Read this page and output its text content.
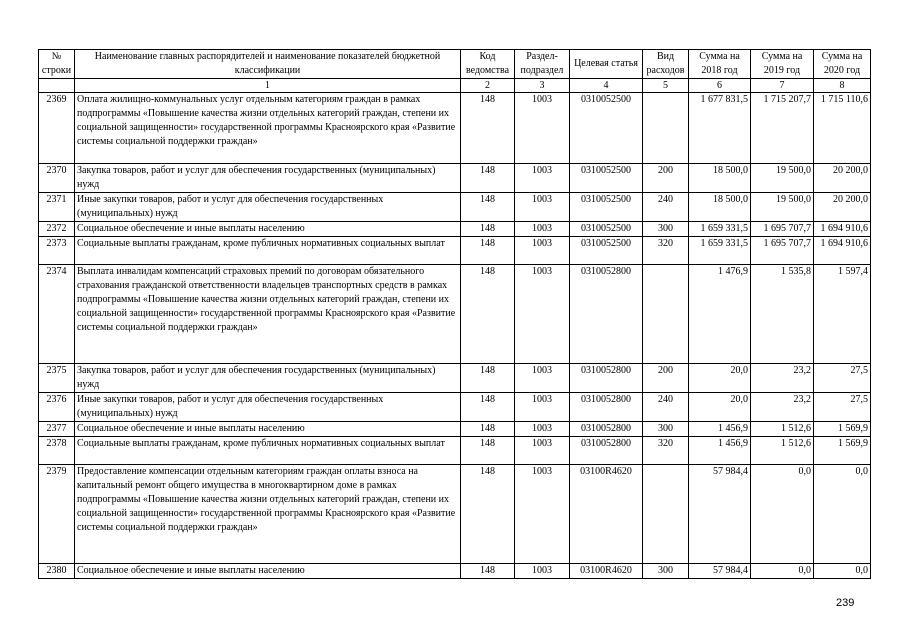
№ строки	Наименование главных распорядителей и наименование показателей бюджетной классификации	Код ведомства	Раздел-подраздел	Целевая статья	Вид расходов	Сумма на 2018 год	Сумма на 2019 год	Сумма на 2020 год
	1	2	3	4	5	6	7	8
2369	Оплата жилищно-коммунальных услуг отдельным категориям граждан в рамках подпрограммы «Повышение качества жизни отдельных категорий граждан, степени их социальной защищенности» государственной программы Красноярского края «Развитие системы социальной поддержки граждан»	148	1003	0310052500		1 677 831,5	1 715 207,7	1 715 110,6
2370	Закупка товаров, работ и услуг для обеспечения государственных (муниципальных) нужд	148	1003	0310052500	200	18 500,0	19 500,0	20 200,0
2371	Иные закупки товаров, работ и услуг для обеспечения государственных (муниципальных) нужд	148	1003	0310052500	240	18 500,0	19 500,0	20 200,0
2372	Социальное обеспечение и иные выплаты населению	148	1003	0310052500	300	1 659 331,5	1 695 707,7	1 694 910,6
2373	Социальные выплаты гражданам, кроме публичных нормативных социальных выплат	148	1003	0310052500	320	1 659 331,5	1 695 707,7	1 694 910,6
2374	Выплата инвалидам компенсаций страховых премий по договорам обязательного страхования гражданской ответственности владельцев транспортных средств в рамках подпрограммы «Повышение качества жизни отдельных категорий граждан, степени их социальной защищенности» государственной программы Красноярского края «Развитие системы социальной поддержки граждан»	148	1003	0310052800		1 476,9	1 535,8	1 597,4
2375	Закупка товаров, работ и услуг для обеспечения государственных (муниципальных) нужд	148	1003	0310052800	200	20,0	23,2	27,5
2376	Иные закупки товаров, работ и услуг для обеспечения государственных (муниципальных) нужд	148	1003	0310052800	240	20,0	23,2	27,5
2377	Социальное обеспечение и иные выплаты населению	148	1003	0310052800	300	1 456,9	1 512,6	1 569,9
2378	Социальные выплаты гражданам, кроме публичных нормативных социальных выплат	148	1003	0310052800	320	1 456,9	1 512,6	1 569,9
2379	Предоставление компенсации отдельным категориям граждан оплаты взноса на капитальный ремонт общего имущества в многоквартирном доме в рамках подпрограммы «Повышение качества жизни отдельных категорий граждан, степени их социальной защищенности» государственной программы Красноярского края «Развитие системы социальной поддержки граждан»	148	1003	03100R4620		57 984,4	0,0	0,0
2380	Социальное обеспечение и иные выплаты населению	148	1003	03100R4620	300	57 984,4	0,0	0,0
239
